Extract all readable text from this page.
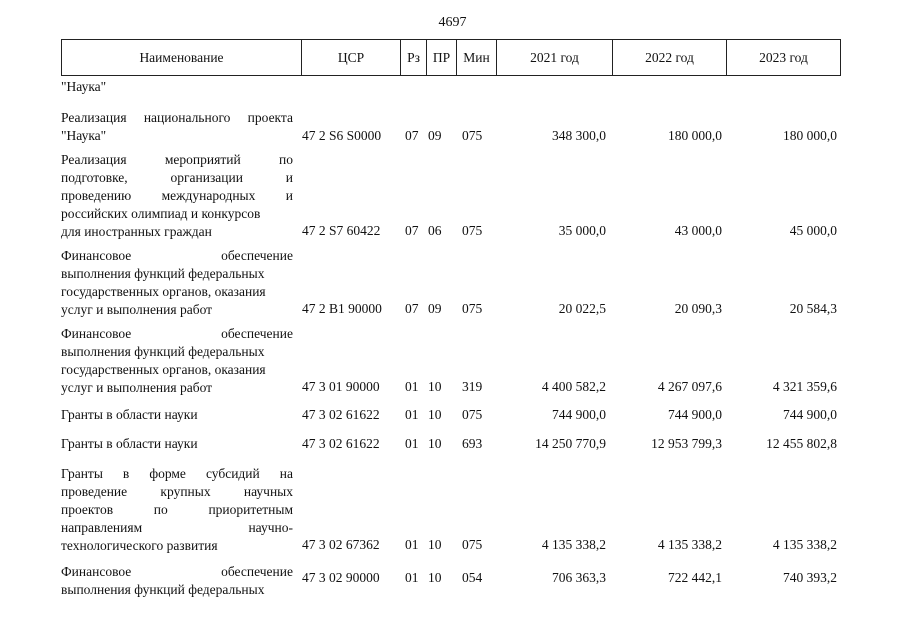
4697
Наименование	ЦСР	Рз ПР Мин	2021 год	2022 год	2023 год
"Наука"
Реализация национального проекта
"Наука"	47 2 S6 S0000 07 09 075	348 300,0	180 000,0	180 000,0
Реализация мероприятий по
подготовке, организации и
проведению международных и
российских олимпиад и конкурсов
для иностранных граждан	47 2 S7 60422 07 06 075	35 000,0	43 000,0	45 000,0
Финансовое обеспечение
выполнения функций федеральных
государственных органов, оказания
услуг и выполнения работ	47 2 B1 90000 07 09 075	20 022,5	20 090,3	20 584,3
Финансовое обеспечение
выполнения функций федеральных
государственных органов, оказания
услуг и выполнения работ	47 3 01 90000 01 10 319	4 400 582,2	4 267 097,6	4 321 359,6
Гранты в области науки	47 3 02 61622 01 10 075	744 900,0	744 900,0	744 900,0
Гранты в области науки	47 3 02 61622 01 10 693	14 250 770,9	12 953 799,3	12 455 802,8
Гранты в форме субсидий на
проведение крупных научных
проектов по приоритетным
направлениям научно-
технологического развития	47 3 02 67362 01 10 075	4 135 338,2	4 135 338,2	4 135 338,2
Финансовое обеспечение
выполнения функций федеральных
47 3 02 90000 01 10 054	706 363,3	722 442,1	740 393,2
